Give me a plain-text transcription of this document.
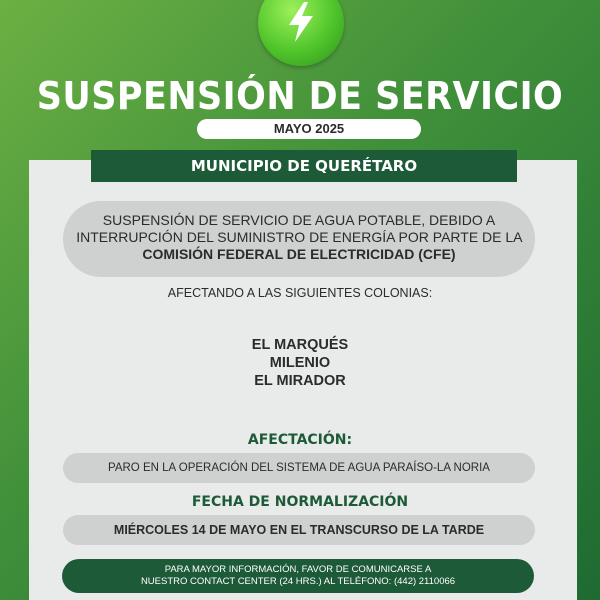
SUSPENSIÓN DE SERVICIO
MAYO 2025
MUNICIPIO DE QUERÉTARO
SUSPENSIÓN DE SERVICIO DE AGUA POTABLE, DEBIDO A INTERRUPCIÓN DEL SUMINISTRO DE ENERGÍA POR PARTE DE LA COMISIÓN FEDERAL DE ELECTRICIDAD (CFE)
AFECTANDO A LAS SIGUIENTES COLONIAS:
EL MARQUÉS
MILENIO
EL MIRADOR
AFECTACIÓN:
PARO EN LA OPERACIÓN DEL SISTEMA DE AGUA PARAÍSO-LA NORIA
FECHA DE NORMALIZACIÓN
MIÉRCOLES 14 DE MAYO EN EL TRANSCURSO DE LA TARDE
PARA MAYOR INFORMACIÓN, FAVOR DE COMUNICARSE A
NUESTRO CONTACT CENTER (24 HRS.) AL TELÉFONO: (442) 2110066
